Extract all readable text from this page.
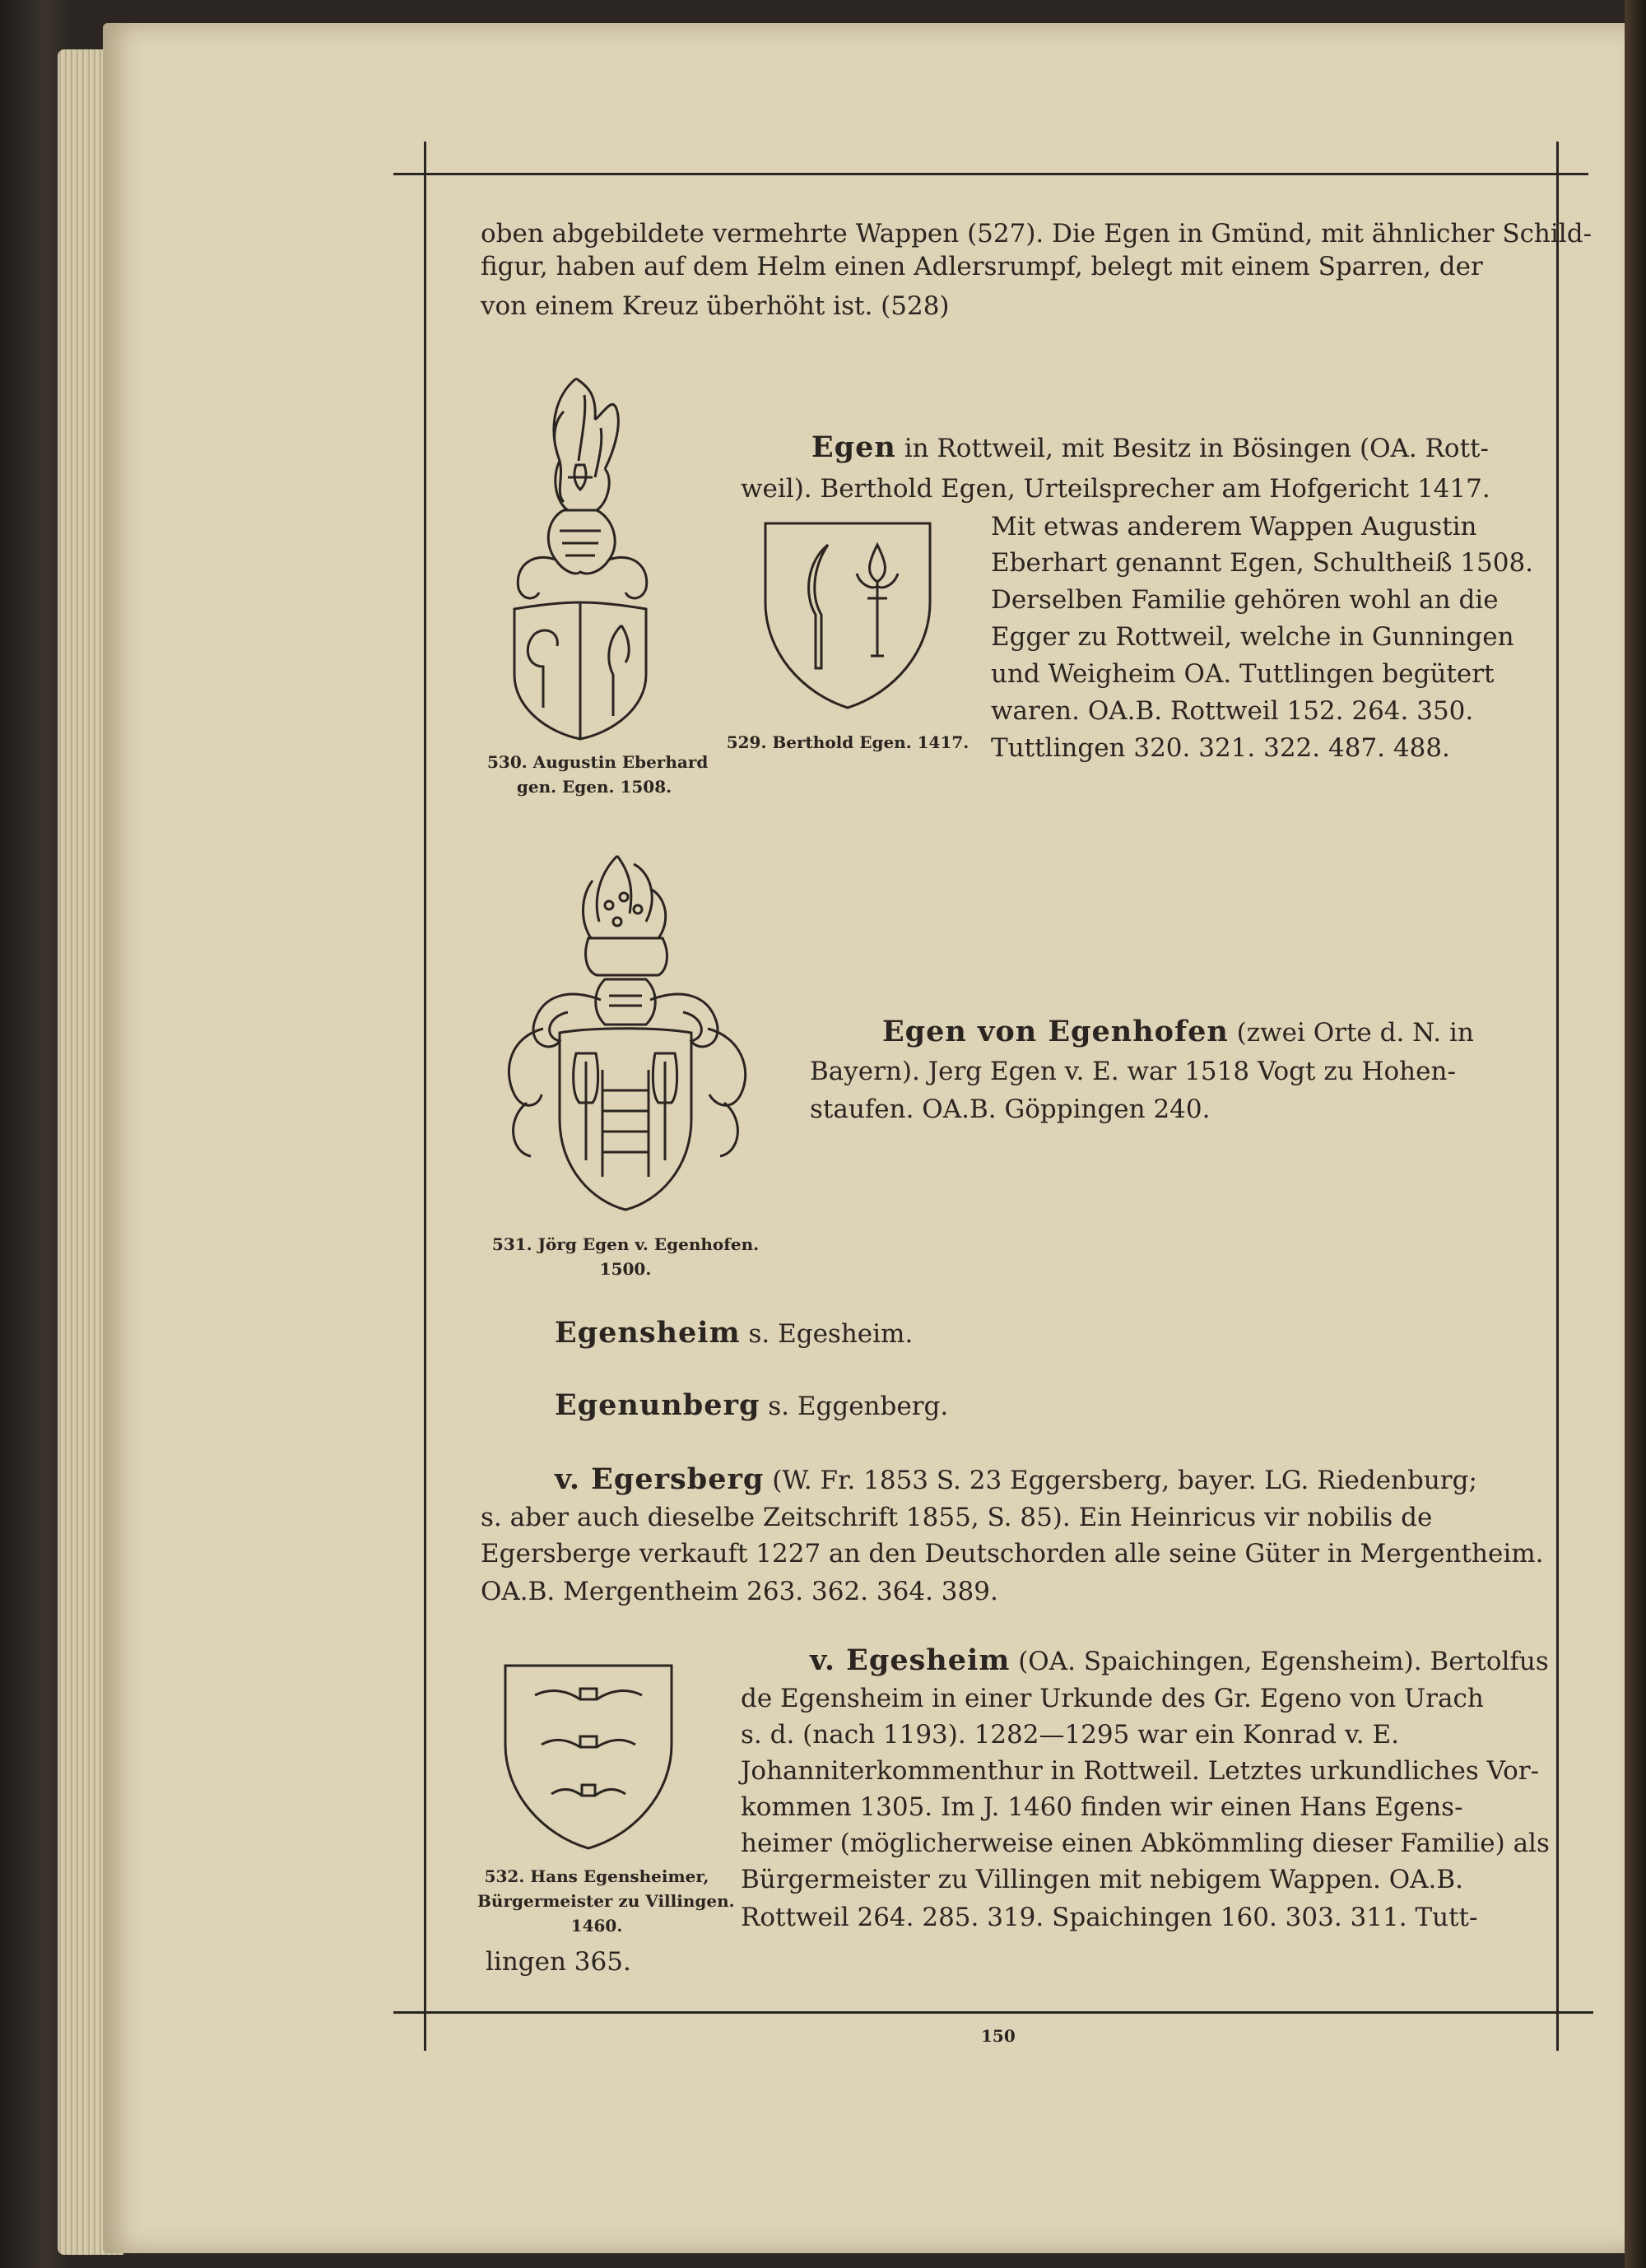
oben abgebildete vermehrte Wappen (527). Die Egen in Gmünd, mit ähnlicher Schild-
figur, haben auf dem Helm einen Adlersrumpf, belegt mit einem Sparren, der
von einem Kreuz überhöht ist. (528)
530. Augustin Eberhard
gen. Egen. 1508.
529. Berthold Egen. 1417.
Egen in Rottweil, mit Besitz in Bösingen (OA. Rott-
weil). Berthold Egen, Urteilsprecher am Hofgericht 1417.
Mit etwas anderem Wappen Augustin
Eberhart genannt Egen, Schultheiß 1508.
Derselben Familie gehören wohl an die
Egger zu Rottweil, welche in Gunningen
und Weigheim OA. Tuttlingen begütert
waren. OA.B. Rottweil 152. 264. 350.
Tuttlingen 320. 321. 322. 487. 488.
531. Jörg Egen v. Egenhofen.
1500.
Egen von Egenhofen (zwei Orte d. N. in
Bayern). Jerg Egen v. E. war 1518 Vogt zu Hohen-
staufen. OA.B. Göppingen 240.
Egensheim s. Egesheim.
Egenunberg s. Eggenberg.
v. Egersberg (W. Fr. 1853 S. 23 Eggersberg, bayer. LG. Riedenburg;
s. aber auch dieselbe Zeitschrift 1855, S. 85). Ein Heinricus vir nobilis de
Egersberge verkauft 1227 an den Deutschorden alle seine Güter in Mergentheim.
OA.B. Mergentheim 263. 362. 364. 389.
532. Hans Egensheimer,
Bürgermeister zu Villingen.
1460.
v. Egesheim (OA. Spaichingen, Egensheim). Bertolfus
de Egensheim in einer Urkunde des Gr. Egeno von Urach
s. d. (nach 1193). 1282—1295 war ein Konrad v. E.
Johanniterkommenthur in Rottweil. Letztes urkundliches Vor-
kommen 1305. Im J. 1460 finden wir einen Hans Egens-
heimer (möglicherweise einen Abkömmling dieser Familie) als
Bürgermeister zu Villingen mit nebigem Wappen. OA.B.
Rottweil 264. 285. 319. Spaichingen 160. 303. 311. Tutt-
lingen 365.
150
